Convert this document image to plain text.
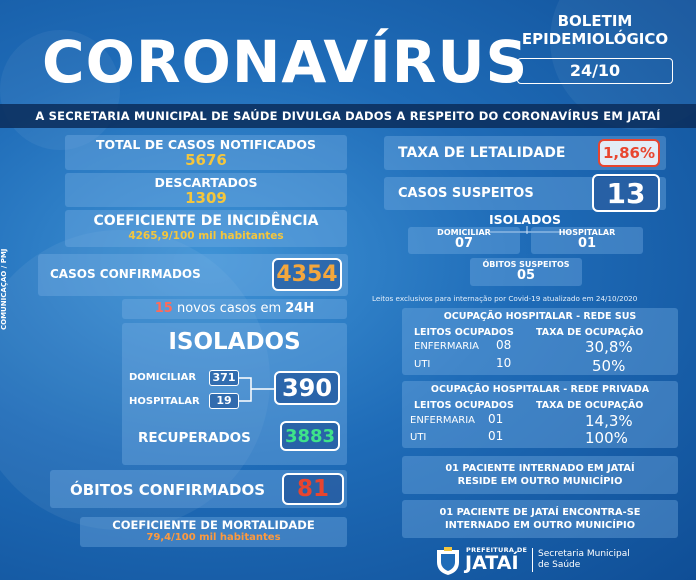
CORONAVÍRUS
BOLETIM
EPIDEMIOLÓGICO
24/10
A SECRETARIA MUNICIPAL DE SAÚDE DIVULGA DADOS A RESPEITO DO CORONAVÍRUS EM JATAÍ
COMUNICAÇÃO / PMJ
TOTAL DE CASOS NOTIFICADOS
5676
DESCARTADOS
1309
COEFICIENTE DE INCIDÊNCIA
4265,9/100 mil habitantes
CASOS CONFIRMADOS	4354
15 novos casos em 24H
ISOLADOS
DOMICILIAR	371
HOSPITALAR	19	390
RECUPERADOS 3883
ÓBITOS CONFIRMADOS	81
COEFICIENTE DE MORTALIDADE
79,4/100 mil habitantes
TAXA DE LETALIDADE	1,86%
CASOS SUSPEITOS	13
ISOLADOS
DOMICILIAR
07
HOSPITALAR
01
ÓBITOS SUSPEITOS
05
Leitos exclusivos para internação por Covid-19 atualizado em 24/10/2020
OCUPAÇÃO HOSPITALAR - REDE SUS
LEITOS OCUPADOS TAXA DE OCUPAÇÃO
ENFERMARIA 08	30,8%
UTI	10	50%
OCUPAÇÃO HOSPITALAR - REDE PRIVADA
LEITOS OCUPADOS TAXA DE OCUPAÇÃO
ENFERMARIA 01	14,3%
UTI	01	100%
01 PACIENTE INTERNADO EM JATAÍ
RESIDE EM OUTRO MUNICÍPIO
01 PACIENTE DE JATAÍ ENCONTRA-SE
INTERNADO EM OUTRO MUNICÍPIO
PREFEITURA DE
JATAÍ Secretaria Municipal
de Saúde
